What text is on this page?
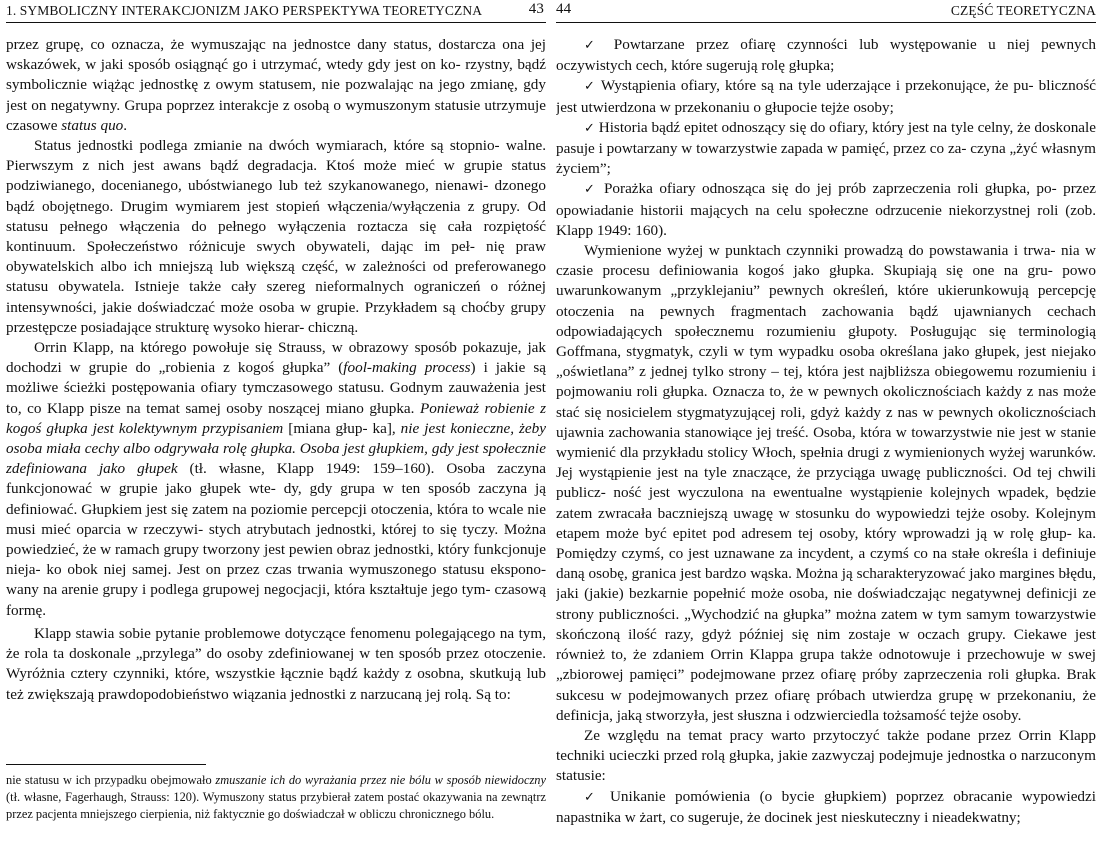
1. SYMBOLICZNY INTERAKCJONIZM JAKO PERSPEKTYWA TEORETYCZNA	43

przez grupę, co oznacza, że wymuszając na jednostce dany status, dostarcza ona jej wskazówek, w jaki sposób osiągnąć go i utrzymać, wtedy gdy jest on ko- rzystny, bądź symbolicznie wiążąc jednostkę z owym statusem, nie pozwalając na jego zmianę, gdy jest on negatywny. Grupa poprzez interakcje z osobą o wymuszonym statusie utrzymuje czasowe status quo.

Status jednostki podlega zmianie na dwóch wymiarach, które są stopnio- walne. Pierwszym z nich jest awans bądź degradacja. Ktoś może mieć w grupie status podziwianego, docenianego, ubóstwianego lub też szykanowanego, nienawi- dzonego bądź obojętnego. Drugim wymiarem jest stopień włączenia/wyłączenia z grupy. Od statusu pełnego włączenia do pełnego wyłączenia roztacza się cała rozpiętość kontinuum. Społeczeństwo różnicuje swych obywateli, dając im peł- nię praw obywatelskich albo ich mniejszą lub większą część, w zależności od preferowanego statusu obywatela. Istnieje także cały szereg nieformalnych ograniczeń o różnej intensywności, jakie doświadczać może osoba w grupie. Przykładem są choćby grupy przestępcze posiadające strukturę wysoko hierar- chiczną.

Orrin Klapp, na którego powołuje się Strauss, w obrazowy sposób pokazuje, jak dochodzi w grupie do „robienia z kogoś głupka” (fool-making process) i jakie są możliwe ścieżki postępowania ofiary tymczasowego statusu. Godnym zauważenia jest to, co Klapp pisze na temat samej osoby noszącej miano głupka. Ponieważ robienie z kogoś głupka jest kolektywnym przypisaniem [miana głup- ka], nie jest konieczne, żeby osoba miała cechy albo odgrywała rolę głupka. Osoba jest głupkiem, gdy jest społecznie zdefiniowana jako głupek (tł. własne, Klapp 1949: 159–160). Osoba zaczyna funkcjonować w grupie jako głupek wte- dy, gdy grupa w ten sposób zaczyna ją definiować. Głupkiem jest się zatem na poziomie percepcji otoczenia, która to wcale nie musi mieć oparcia w rzeczywi- stych atrybutach jednostki, której to się tyczy. Można powiedzieć, że w ramach grupy tworzony jest pewien obraz jednostki, który funkcjonuje nieja- ko obok niej samej. Jest on przez czas trwania wymuszonego statusu ekspono- wany na arenie grupy i podlega grupowej negocjacji, która kształtuje jego tym- czasową formę.

Klapp stawia sobie pytanie problemowe dotyczące fenomenu polegającego na tym, że rola ta doskonale „przylega” do osoby zdefiniowanej w ten sposób przez otoczenie. Wyróżnia cztery czynniki, które, wszystkie łącznie bądź każdy z osobna, skutkują lub też zwiększają prawdopodobieństwo wiązania jednostki z narzucaną jej rolą. Są to:

nie statusu w ich przypadku obejmowało zmuszanie ich do wyrażania przez nie bólu w sposób niewidoczny (tł. własne, Fagerhaugh, Strauss: 120). Wymuszony status przybierał zatem postać okazywania na zewnątrz przez pacjenta mniejszego cierpienia, niż faktycznie go doświadczał w obliczu chronicznego bólu.
44	CZĘŚĆ TEORETYCZNA

✓ Powtarzane przez ofiarę czynności lub występowanie u niej pewnych oczywistych cech, które sugerują rolę głupka;

✓ Wystąpienia ofiary, które są na tyle uderzające i przekonujące, że pu- bliczność jest utwierdzona w przekonaniu o głupocie tejże osoby;

✓ Historia bądź epitet odnoszący się do ofiary, który jest na tyle celny, że doskonale pasuje i powtarzany w towarzystwie zapada w pamięć, przez co za- czyna „żyć własnym życiem”;

✓ Porażka ofiary odnosząca się do jej prób zaprzeczenia roli głupka, po- przez opowiadanie historii mających na celu społeczne odrzucenie niekorzystnej roli (zob. Klapp 1949: 160).

Wymienione wyżej w punktach czynniki prowadzą do powstawania i trwa- nia w czasie procesu definiowania kogoś jako głupka. Skupiają się one na gru- powo uwarunkowanym „przyklejaniu” pewnych określeń, które ukierunkowują percepcję otoczenia na pewnych fragmentach zachowania bądź ujawnianych cechach odpowiadających społecznemu rozumieniu głupoty. Posługując się terminologią Goffmana, stygmatyk, czyli w tym wypadku osoba określana jako głupek, jest niejako „oświetlana” z jednej tylko strony – tej, która jest najbliższa obiegowemu rozumieniu i pojmowaniu roli głupka. Oznacza to, że w pewnych okolicznościach każdy z nas może stać się nosicielem stygmatyzującej roli, gdyż każdy z nas w pewnych okolicznościach ujawnia zachowania stanowiące jej treść. Osoba, która w towarzystwie nie jest w stanie wymienić dla przykładu stolicy Włoch, spełnia drugi z wymienionych wyżej warunków. Jej wystąpienie jest na tyle znaczące, że przyciąga uwagę publiczności. Od tej chwili publicz- ność jest wyczulona na ewentualne wystąpienie kolejnych wpadek, będzie zatem zwracała baczniejszą uwagę w stosunku do wypowiedzi tejże osoby. Kolejnym etapem może być epitet pod adresem tej osoby, który wprowadzi ją w rolę głup- ka. Pomiędzy czymś, co jest uznawane za incydent, a czymś co na stałe określa i definiuje daną osobę, granica jest bardzo wąska. Można ją scharakteryzować jako margines błędu, jaki (jakie) bezkarnie popełnić może osoba, nie doświadczając negatywnej definicji ze strony publiczności. „Wychodzić na głupka” można zatem w tym samym towarzystwie skończoną ilość razy, gdyż później się nim zostaje w oczach grupy. Ciekawe jest również to, że zdaniem Orrin Klappa grupa także odnotowuje i przechowuje w swej „zbiorowej pamięci” podejmowane przez ofiarę próby zaprzeczenia roli głupka. Brak sukcesu w podejmowanych przez ofiarę próbach utwierdza grupę w przekonaniu, że definicja, jaką stworzyła, jest słuszna i odzwierciedla tożsamość tejże osoby.

Ze względu na temat pracy warto przytoczyć także podane przez Orrin Klapp techniki ucieczki przed rolą głupka, jakie zazwyczaj podejmuje jednostka o narzuconym statusie:

✓ Unikanie pomówienia (o bycie głupkiem) poprzez obracanie wypowiedzi napastnika w żart, co sugeruje, że docinek jest nieskuteczny i nieadekwatny;
